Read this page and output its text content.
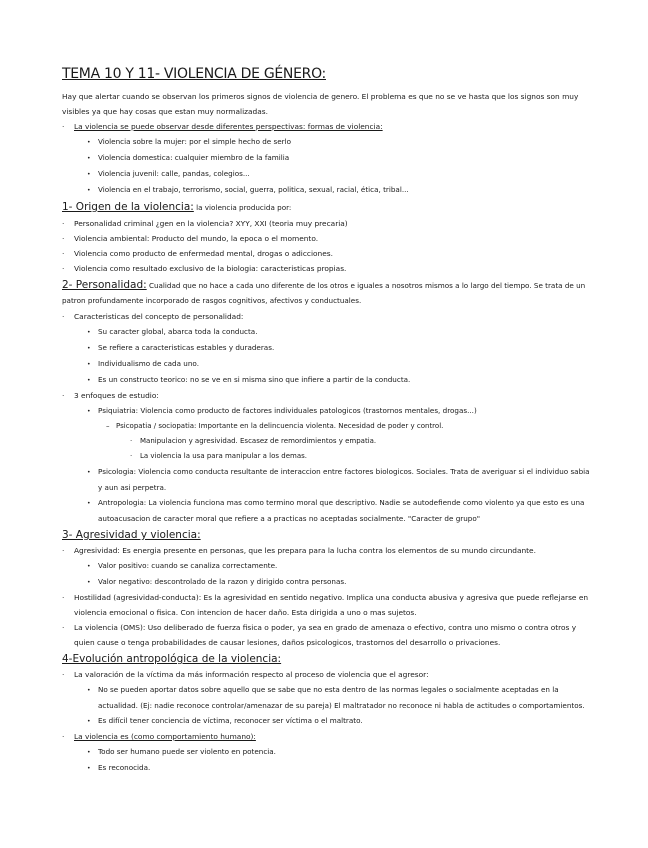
TEMA 10 Y 11- VIOLENCIA DE GÉNERO:

Hay que alertar cuando se observan los primeros signos de violencia de genero. El problema es que no se ve hasta que los signos son muy visibles ya que hay cosas que estan muy normalizadas.

· La violencia se puede observar desde diferentes perspectivas: formas de violencia:
• Violencia sobre la mujer: por el simple hecho de serlo
• Violencia domestica: cualquier miembro de la familia
• Violencia juvenil: calle, pandas, colegios...
• Violencia en el trabajo, terrorismo, social, guerra, politica, sexual, racial, ética, tribal...
1- Origen de la violencia: la violencia producida por:
· Personalidad criminal ¿gen en la violencia? XYY, XXI (teoria muy precaria)
· Violencia ambiental: Producto del mundo, la epoca o el momento.
· Violencia como producto de enfermedad mental, drogas o adicciones.
· Violencia como resultado exclusivo de la biologia: caracteristicas propias.
2- Personalidad: Cualidad que no hace a cada uno diferente de los otros e iguales a nosotros mismos a lo largo del tiempo. Se trata de un patron profundamente incorporado de rasgos cognitivos, afectivos y conductuales.
· Caracteristicas del concepto de personalidad:
• Su caracter global, abarca toda la conducta.
• Se refiere a caracteristicas estables y duraderas.
• Individualismo de cada uno.
• Es un constructo teorico: no se ve en si misma sino que infiere a partir de la conducta.
· 3 enfoques de estudio:
• Psiquiatria: Violencia como producto de factores individuales patologicos (trastornos mentales, drogas...)
– Psicopatia / sociopatia: Importante en la delincuencia violenta. Necesidad de poder y control.
· Manipulacion y agresividad. Escasez de remordimientos y empatia.
· La violencia la usa para manipular a los demas.
• Psicologia: Violencia como conducta resultante de interaccion entre factores biologicos. Sociales. Trata de averiguar si el individuo sabia y aun asi perpetra.
• Antropologia: La violencia funciona mas como termino moral que descriptivo. Nadie se autodefiende como violento ya que esto es una autoacusacion de caracter moral que refiere a a practicas no aceptadas socialmente. "Caracter de grupo"
3- Agresividad y violencia:
· Agresividad: Es energia presente en personas, que les prepara para la lucha contra los elementos de su mundo circundante.
• Valor positivo: cuando se canaliza correctamente.
• Valor negativo: descontrolado de la razon y dirigido contra personas.
· Hostilidad (agresividad-conducta): Es la agresividad en sentido negativo. Implica una conducta abusiva y agresiva que puede reflejarse en violencia emocional o fisica. Con intencion de hacer daño. Esta dirigida a uno o mas sujetos.
· La violencia (OMS): Uso deliberado de fuerza fisica o poder, ya sea en grado de amenaza o efectivo, contra uno mismo o contra otros y quien cause o tenga probabilidades de causar lesiones, daños psicologicos, trastornos del desarrollo o privaciones.
4-Evolución antropológica de la violencia:
· La valoración de la víctima da más información respecto al proceso de violencia que el agresor:
• No se pueden aportar datos sobre aquello que se sabe que no esta dentro de las normas legales o socialmente aceptadas en la actualidad. (Ej: nadie reconoce controlar/amenazar de su pareja) El maltratador no reconoce ni habla de actitudes o comportamientos.
• Es difícil tener conciencia de víctima, reconocer ser víctima o el maltrato.
· La violencia es (como comportamiento humano):
• Todo ser humano puede ser violento en potencia.
• Es reconocida.
